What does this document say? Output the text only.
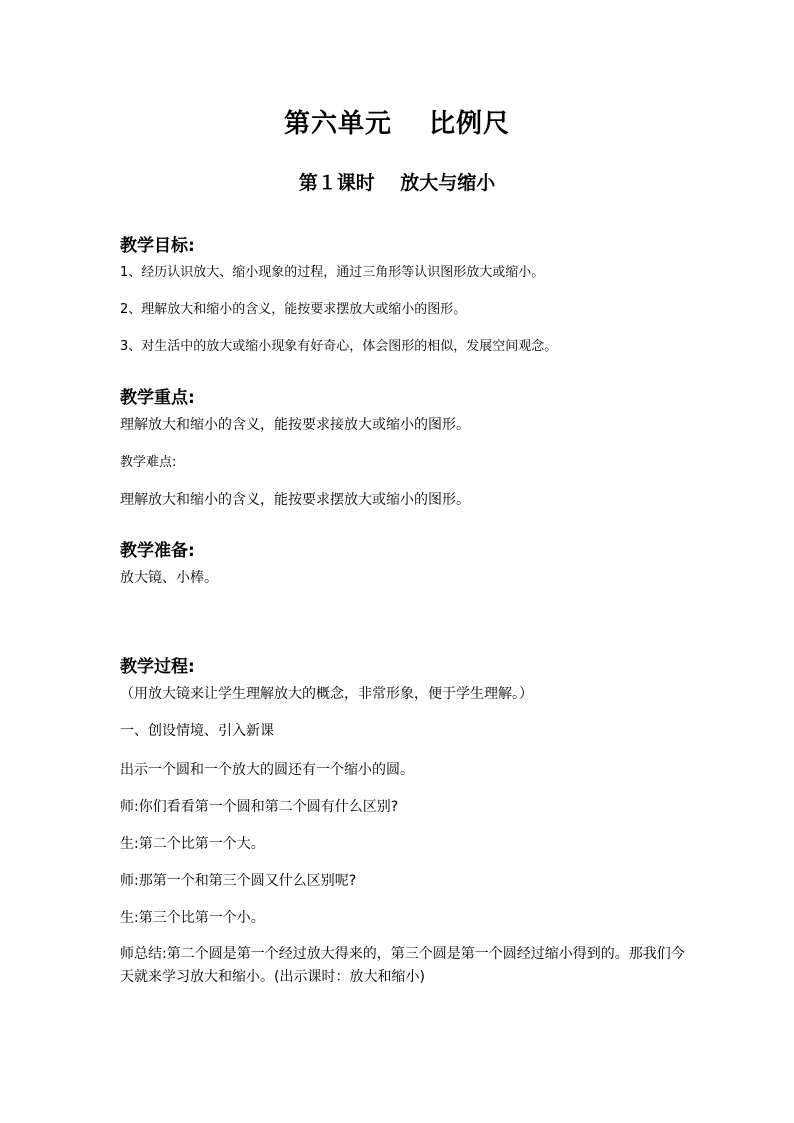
第六单元　 比例尺
第１课时　 放大与缩小
教学目标:
1、经历认识放大、缩小现象的过程，通过三角形等认识图形放大或缩小。
2、理解放大和缩小的含义，能按要求摆放大或缩小的图形。
3、对生活中的放大或缩小现象有好奇心，体会图形的相似，发展空间观念。
教学重点:
理解放大和缩小的含义，能按要求接放大或缩小的图形。
教学难点:
理解放大和缩小的含义，能按要求摆放大或缩小的图形。
教学准备:
放大镜、小棒。
教学过程:
（用放大镜来让学生理解放大的概念，非常形象，便于学生理解。）
一、创设情境、引入新课
出示一个圆和一个放大的圆还有一个缩小的圆。
师:你们看看第一个圆和第二个圆有什么区别?
生:第二个比第一个大。
师:那第一个和第三个圆又什么区别呢?
生:第三个比第一个小。
师总结:第二个圆是第一个经过放大得来的，第三个圆是第一个圆经过缩小得到的。那我们今天就来学习放大和缩小。(出示课时：放大和缩小)
